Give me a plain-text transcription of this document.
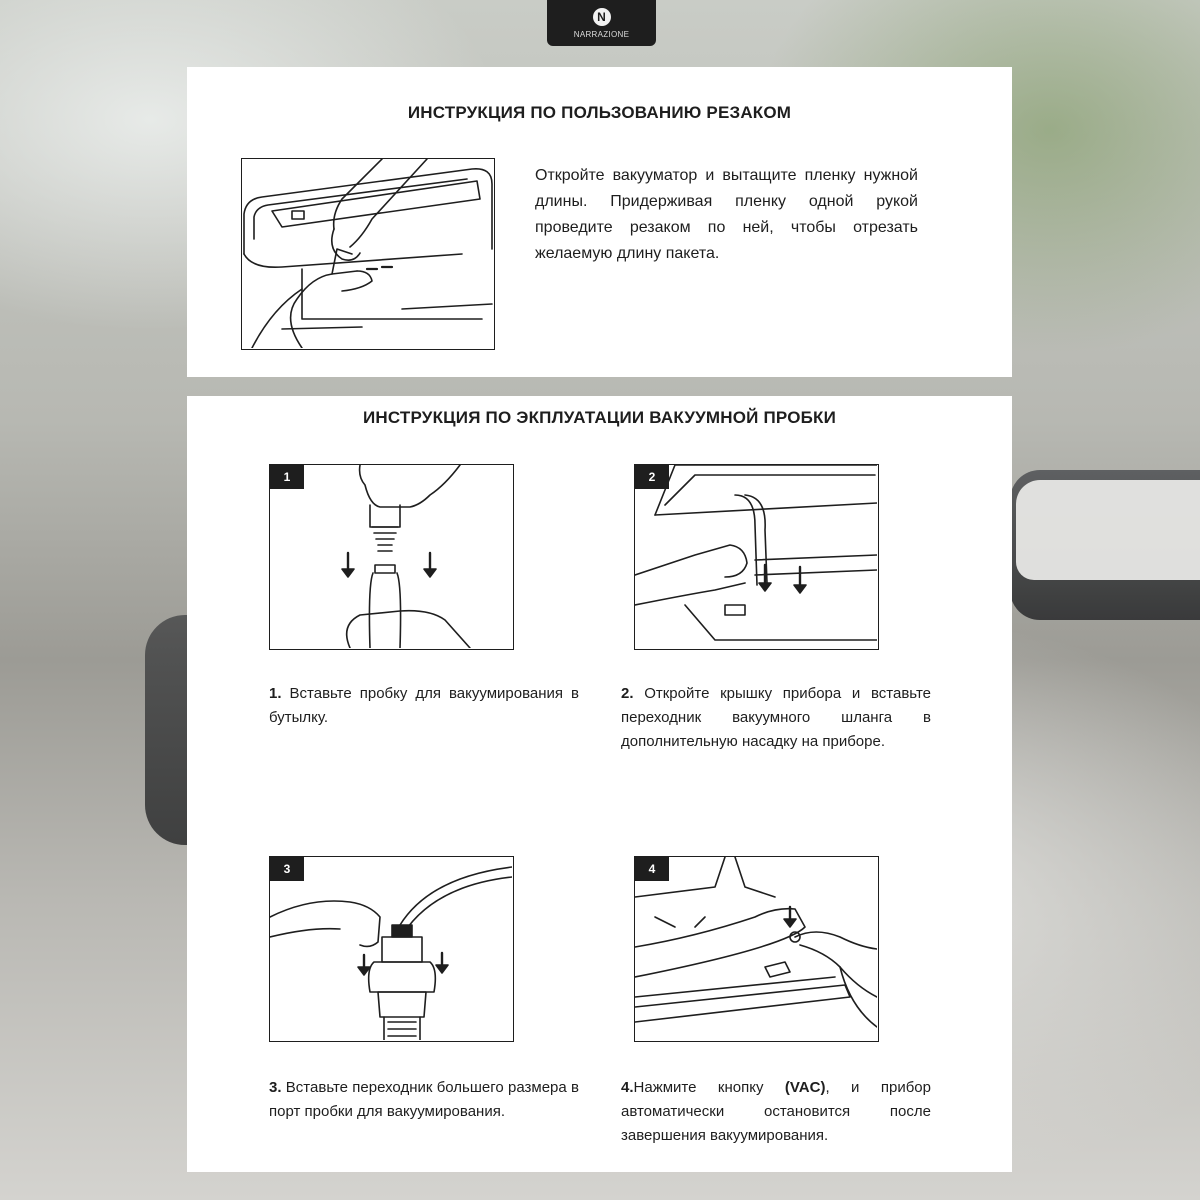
N
NARRAZIONE
ИНСТРУКЦИЯ ПО ПОЛЬЗОВАНИЮ РЕЗАКОМ
Откройте вакууматор и вытащите пленку нужной длины. Придерживая пленку одной рукой проведите резаком по ней, чтобы отрезать желаемую длину пакета.
ИНСТРУКЦИЯ ПО ЭКПЛУАТАЦИИ ВАКУУМНОЙ ПРОБКИ
1	2
1. Вставьте пробку для вакуумирования в бутылку.
2. Откройте крышку прибора и вставьте переходник вакуумного шланга в дополнительную насадку на приборе.
3	4
3. Вставьте переходник большего размера в порт пробки для вакуумирования.
4.Нажмите кнопку (VAC), и прибор автоматически остановится после завершения вакуумирования.
